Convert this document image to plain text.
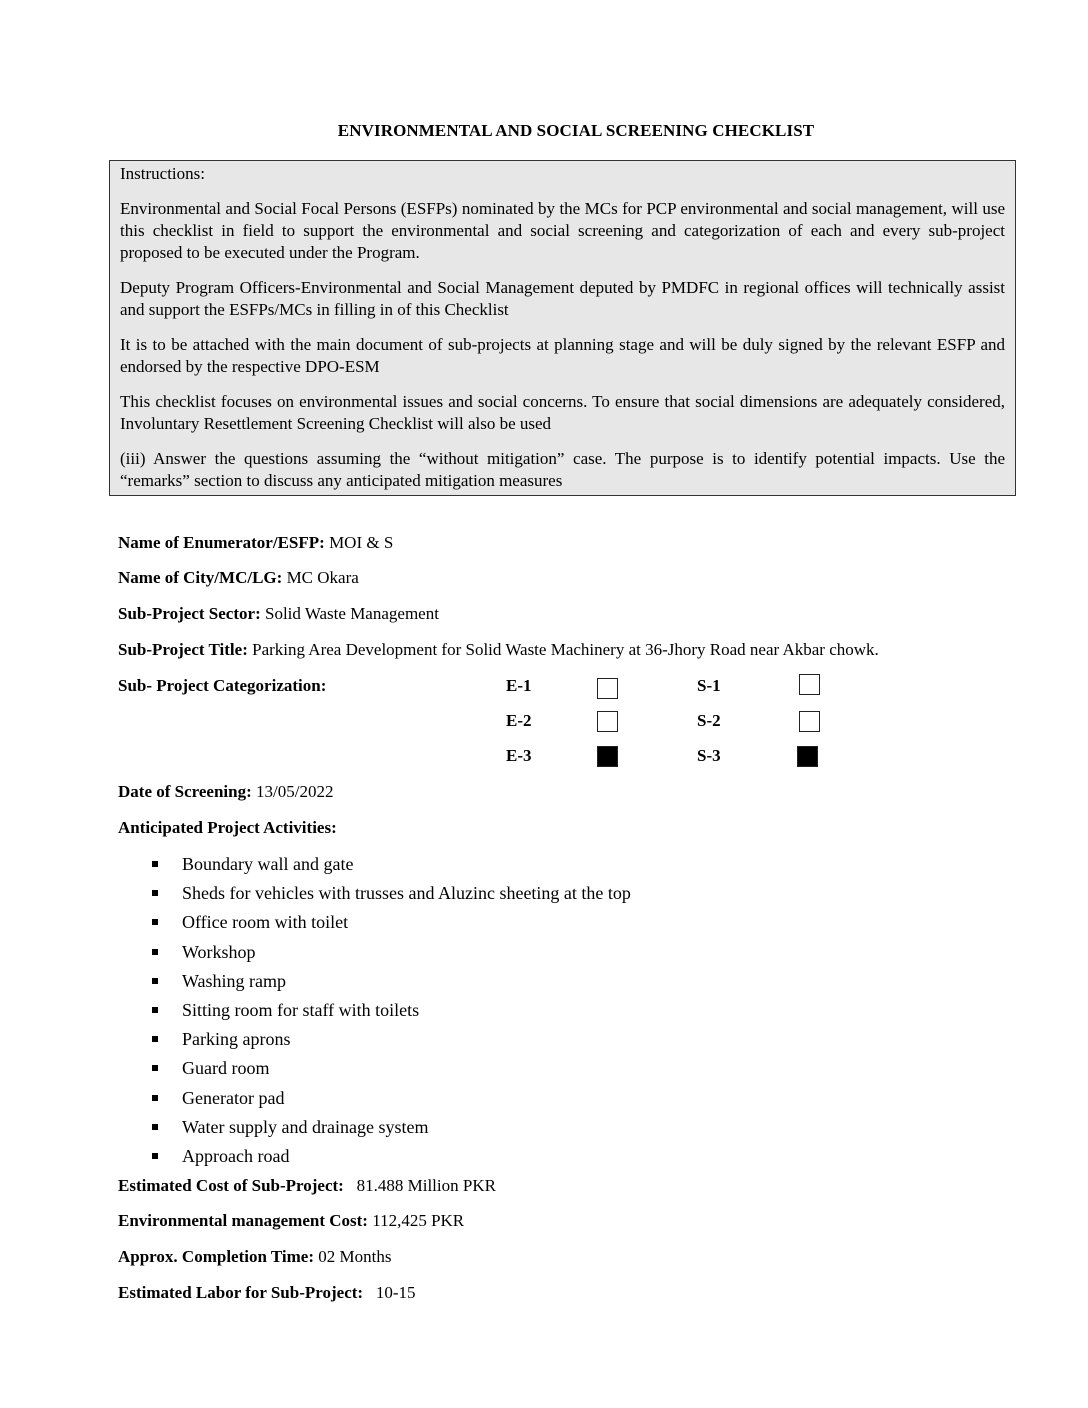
ENVIRONMENTAL AND SOCIAL SCREENING CHECKLIST

Instructions:

Environmental and Social Focal Persons (ESFPs) nominated by the MCs for PCP environmental and social management, will use this checklist in field to support the environmental and social screening and categorization of each and every sub-project proposed to be executed under the Program.

Deputy Program Officers-Environmental and Social Management deputed by PMDFC in regional offices will technically assist and support the ESFPs/MCs in filling in of this Checklist

It is to be attached with the main document of sub-projects at planning stage and will be duly signed by the relevant ESFP and endorsed by the respective DPO-ESM

This checklist focuses on environmental issues and social concerns. To ensure that social dimensions are adequately considered, Involuntary Resettlement Screening Checklist will also be used

(iii) Answer the questions assuming the “without mitigation” case. The purpose is to identify potential impacts. Use the “remarks” section to discuss any anticipated mitigation measures

Name of Enumerator/ESFP: MOI & S
Name of City/MC/LG: MC Okara
Sub-Project Sector: Solid Waste Management
Sub-Project Title: Parking Area Development for Solid Waste Machinery at 36-Jhory Road near Akbar chowk.
Sub- Project Categorization:	E-1	S-1
E-2	S-2
E-3	S-3
Date of Screening: 13/05/2022
Anticipated Project Activities:
Boundary wall and gate
Sheds for vehicles with trusses and Aluzinc sheeting at the top
Office room with toilet
Workshop
Washing ramp
Sitting room for staff with toilets
Parking aprons
Guard room
Generator pad
Water supply and drainage system
Approach road
Estimated Cost of Sub-Project: 81.488 Million PKR
Environmental management Cost: 112,425 PKR
Approx. Completion Time: 02 Months
Estimated Labor for Sub-Project: 10-15
